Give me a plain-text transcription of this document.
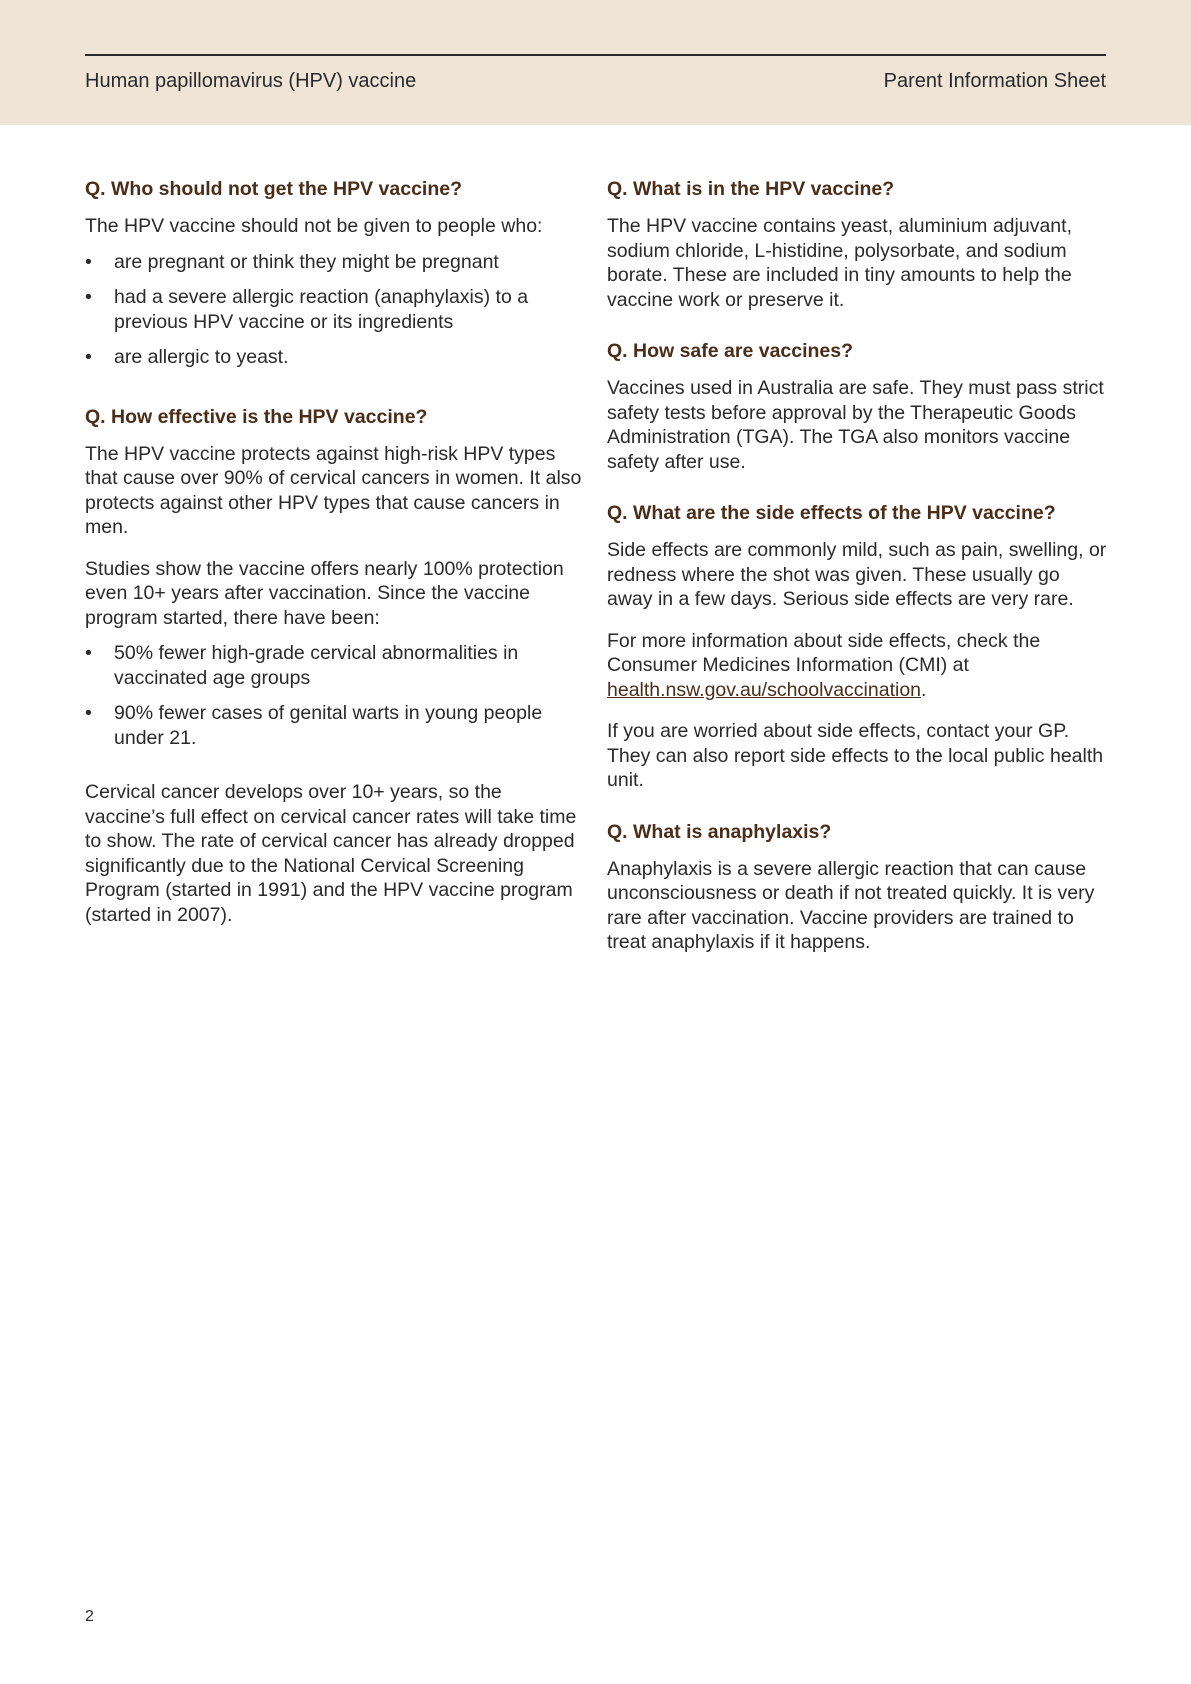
Human papillomavirus (HPV) vaccine	Parent Information Sheet
Q. Who should not get the HPV vaccine?
The HPV vaccine should not be given to people who:
• are pregnant or think they might be pregnant
• had a severe allergic reaction (anaphylaxis) to a previous HPV vaccine or its ingredients
• are allergic to yeast.
Q. How effective is the HPV vaccine?
The HPV vaccine protects against high-risk HPV types that cause over 90% of cervical cancers in women. It also protects against other HPV types that cause cancers in men.
Studies show the vaccine offers nearly 100% protection even 10+ years after vaccination. Since the vaccine program started, there have been:
• 50% fewer high-grade cervical abnormalities in vaccinated age groups
• 90% fewer cases of genital warts in young people under 21.
Cervical cancer develops over 10+ years, so the vaccine’s full effect on cervical cancer rates will take time to show. The rate of cervical cancer has already dropped significantly due to the National Cervical Screening Program (started in 1991) and the HPV vaccine program (started in 2007).
Q. What is in the HPV vaccine?
The HPV vaccine contains yeast, aluminium adjuvant, sodium chloride, L-histidine, polysorbate, and sodium borate. These are included in tiny amounts to help the vaccine work or preserve it.
Q. How safe are vaccines?
Vaccines used in Australia are safe. They must pass strict safety tests before approval by the Therapeutic Goods Administration (TGA). The TGA also monitors vaccine safety after use.
Q. What are the side effects of the HPV vaccine?
Side effects are commonly mild, such as pain, swelling, or redness where the shot was given. These usually go away in a few days. Serious side effects are very rare.
For more information about side effects, check the Consumer Medicines Information (CMI) at health.nsw.gov.au/schoolvaccination.
If you are worried about side effects, contact your GP. They can also report side effects to the local public health unit.
Q. What is anaphylaxis?
Anaphylaxis is a severe allergic reaction that can cause unconsciousness or death if not treated quickly. It is very rare after vaccination. Vaccine providers are trained to treat anaphylaxis if it happens.
2
